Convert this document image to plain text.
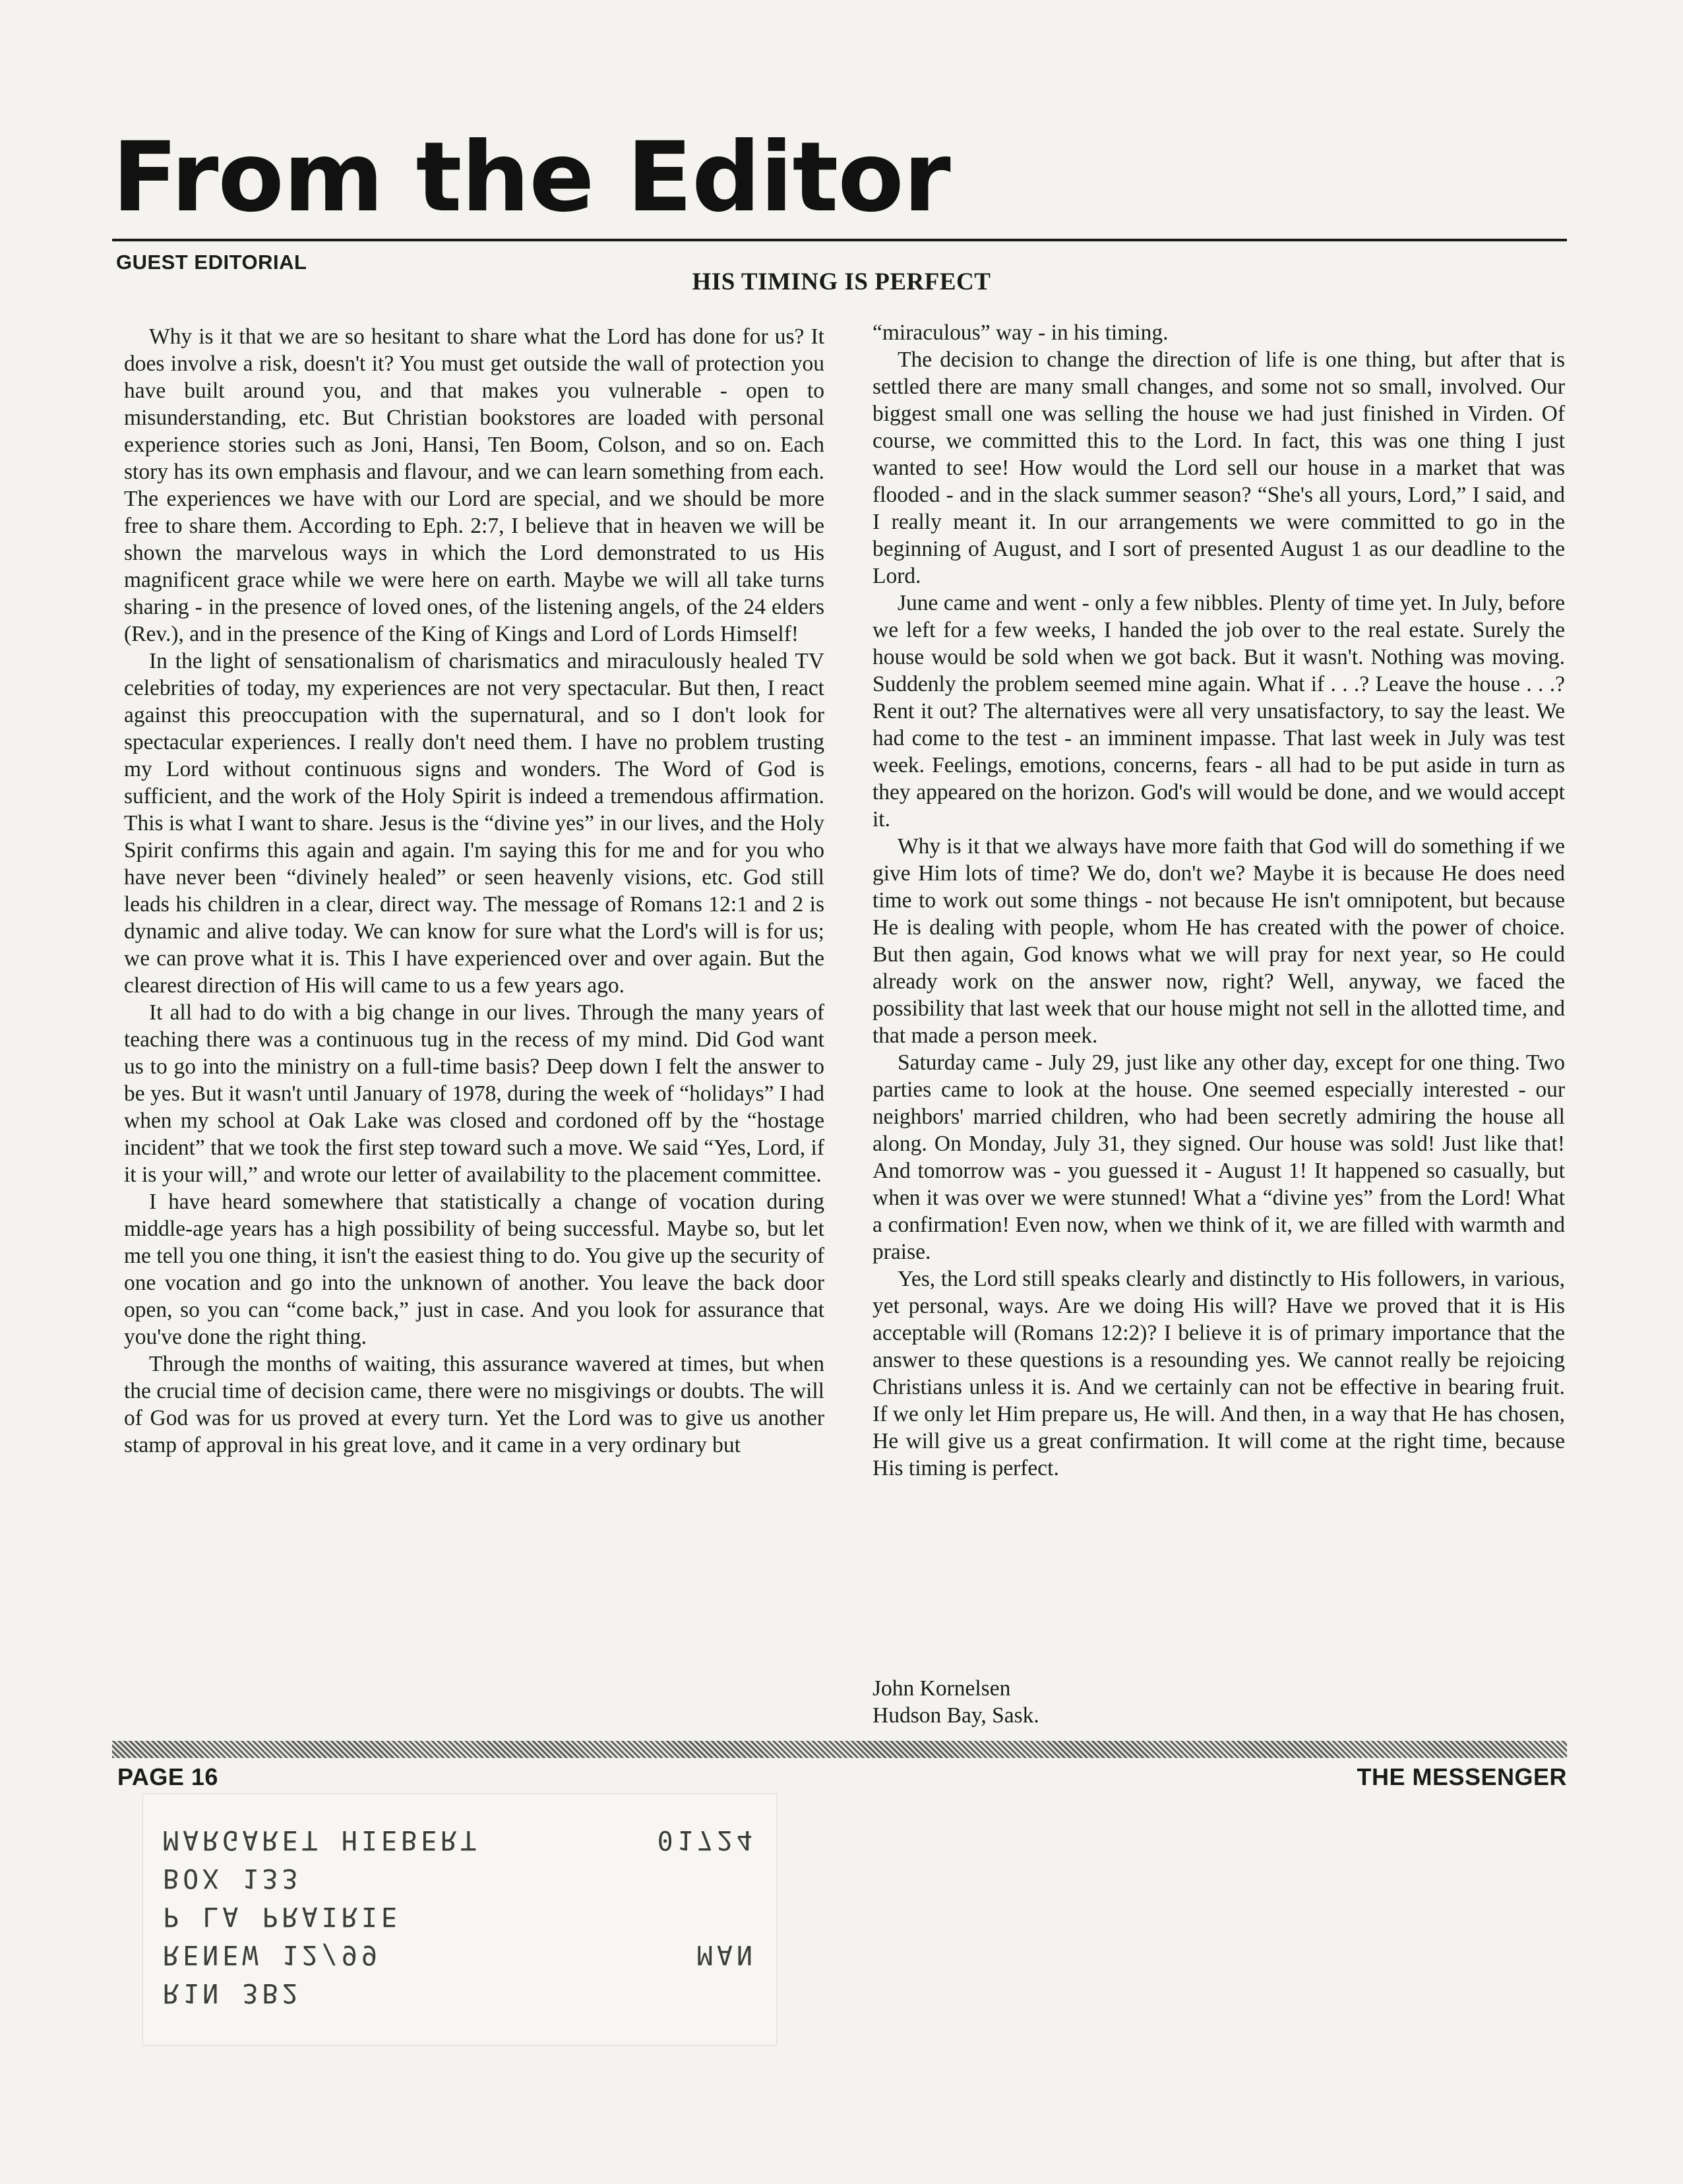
From the Editor
GUEST EDITORIAL
HIS TIMING IS PERFECT

Why is it that we are so hesitant to share what the Lord has done for us? It does involve a risk, doesn't it? You must get outside the wall of protection you have built around you, and that makes you vulnerable - open to misunderstanding, etc. But Christian bookstores are loaded with personal experience stories such as Joni, Hansi, Ten Boom, Colson, and so on. Each story has its own emphasis and flavour, and we can learn something from each. The experiences we have with our Lord are special, and we should be more free to share them. According to Eph. 2:7, I believe that in heaven we will be shown the marvelous ways in which the Lord demonstrated to us His magnificent grace while we were here on earth. Maybe we will all take turns sharing - in the presence of loved ones, of the listening angels, of the 24 elders (Rev.), and in the presence of the King of Kings and Lord of Lords Himself!

In the light of sensationalism of charismatics and miraculously healed TV celebrities of today, my experiences are not very spectacular. But then, I react against this preoccupation with the supernatural, and so I don't look for spectacular experiences. I really don't need them. I have no problem trusting my Lord without continuous signs and wonders. The Word of God is sufficient, and the work of the Holy Spirit is indeed a tremendous affirmation. This is what I want to share. Jesus is the “divine yes” in our lives, and the Holy Spirit confirms this again and again. I'm saying this for me and for you who have never been “divinely healed” or seen heavenly visions, etc. God still leads his children in a clear, direct way. The message of Romans 12:1 and 2 is dynamic and alive today. We can know for sure what the Lord's will is for us; we can prove what it is. This I have experienced over and over again. But the clearest direction of His will came to us a few years ago.

It all had to do with a big change in our lives. Through the many years of teaching there was a continuous tug in the recess of my mind. Did God want us to go into the ministry on a full-time basis? Deep down I felt the answer to be yes. But it wasn't until January of 1978, during the week of “holidays” I had when my school at Oak Lake was closed and cordoned off by the “hostage incident” that we took the first step toward such a move. We said “Yes, Lord, if it is your will,” and wrote our letter of availability to the placement committee.

I have heard somewhere that statistically a change of vocation during middle-age years has a high possibility of being successful. Maybe so, but let me tell you one thing, it isn't the easiest thing to do. You give up the security of one vocation and go into the unknown of another. You leave the back door open, so you can “come back,” just in case. And you look for assurance that you've done the right thing.

Through the months of waiting, this assurance wavered at times, but when the crucial time of decision came, there were no misgivings or doubts. The will of God was for us proved at every turn. Yet the Lord was to give us another stamp of approval in his great love, and it came in a very ordinary but

“miraculous” way - in his timing.

The decision to change the direction of life is one thing, but after that is settled there are many small changes, and some not so small, involved. Our biggest small one was selling the house we had just finished in Virden. Of course, we committed this to the Lord. In fact, this was one thing I just wanted to see! How would the Lord sell our house in a market that was flooded - and in the slack summer season? “She's all yours, Lord,” I said, and I really meant it. In our arrangements we were committed to go in the beginning of August, and I sort of presented August 1 as our deadline to the Lord.

June came and went - only a few nibbles. Plenty of time yet. In July, before we left for a few weeks, I handed the job over to the real estate. Surely the house would be sold when we got back. But it wasn't. Nothing was moving. Suddenly the problem seemed mine again. What if . . .? Leave the house . . .? Rent it out? The alternatives were all very unsatisfactory, to say the least. We had come to the test - an imminent impasse. That last week in July was test week. Feelings, emotions, concerns, fears - all had to be put aside in turn as they appeared on the horizon. God's will would be done, and we would accept it.

Why is it that we always have more faith that God will do something if we give Him lots of time? We do, don't we? Maybe it is because He does need time to work out some things - not because He isn't omnipotent, but because He is dealing with people, whom He has created with the power of choice. But then again, God knows what we will pray for next year, so He could already work on the answer now, right? Well, anyway, we faced the possibility that last week that our house might not sell in the allotted time, and that made a person meek.

Saturday came - July 29, just like any other day, except for one thing. Two parties came to look at the house. One seemed especially interested - our neighbors' married children, who had been secretly admiring the house all along. On Monday, July 31, they signed. Our house was sold! Just like that! And tomorrow was - you guessed it - August 1! It happened so casually, but when it was over we were stunned! What a “divine yes” from the Lord! What a confirmation! Even now, when we think of it, we are filled with warmth and praise.

Yes, the Lord still speaks clearly and distinctly to His followers, in various, yet personal, ways. Are we doing His will? Have we proved that it is His acceptable will (Romans 12:2)? I believe it is of primary importance that the answer to these questions is a resounding yes. We cannot really be rejoicing Christians unless it is. And we certainly can not be effective in bearing fruit. If we only let Him prepare us, He will. And then, in a way that He has chosen, He will give us a great confirmation. It will come at the right time, because His timing is perfect.

John Kornelsen
Hudson Bay, Sask.
PAGE 16	THE MESSENGER
R1N 3B2
RENEW 12/99	MAN
P LA PRAIRIE
BOX 133
MARGARET HIEBERT	01724
